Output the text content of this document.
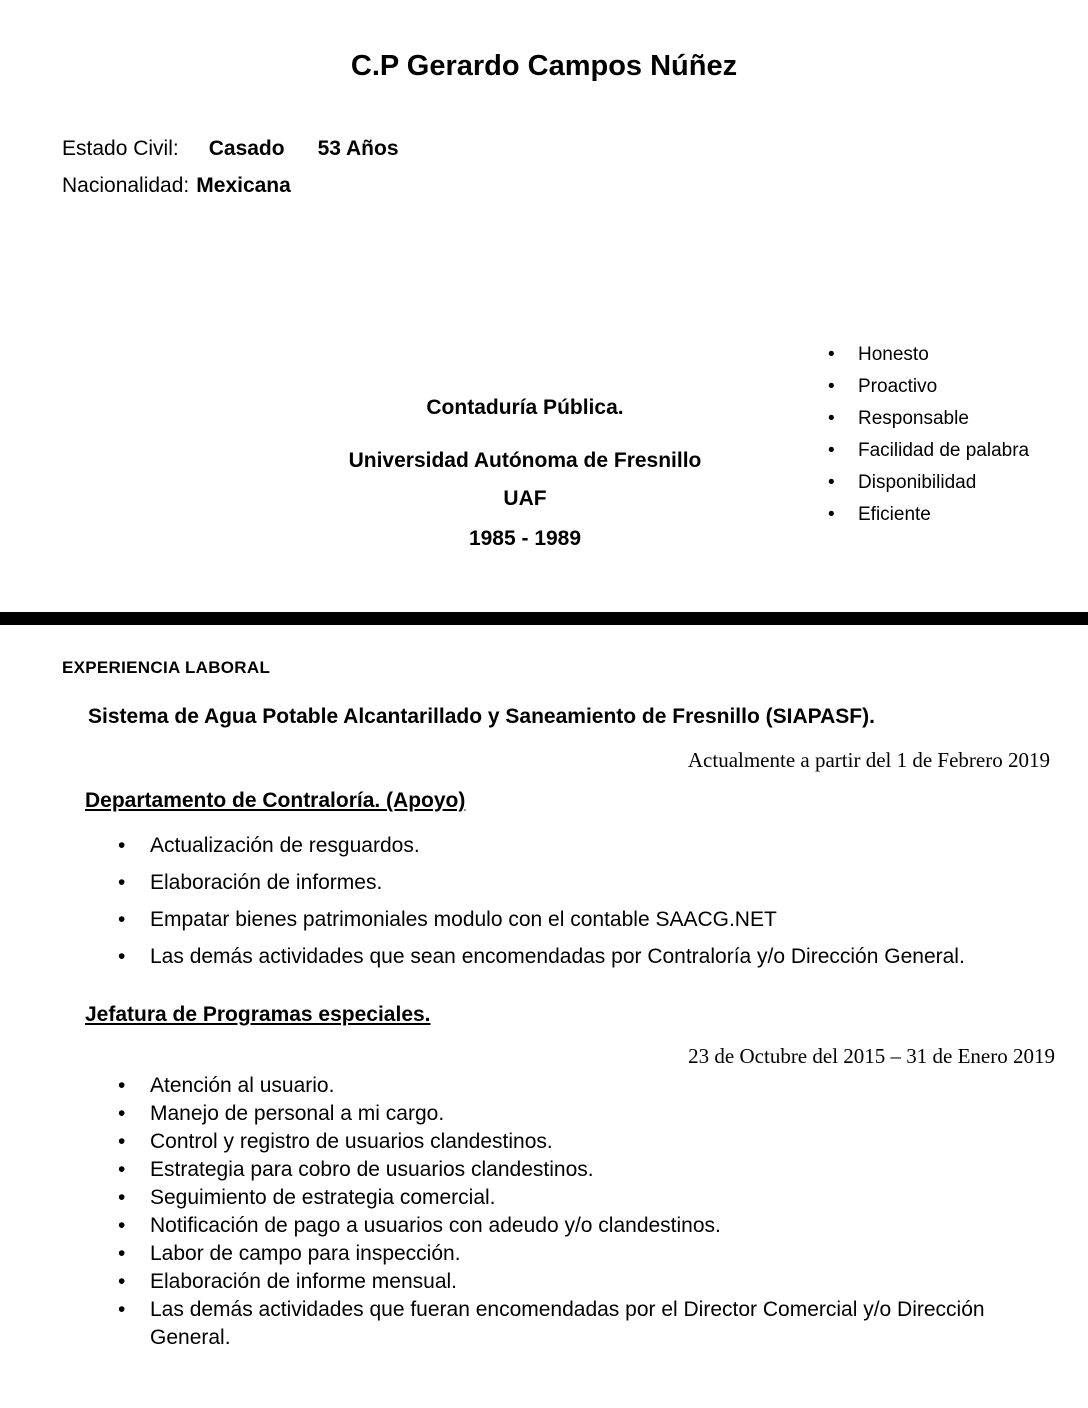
C.P Gerardo Campos Núñez
Estado Civil: Casado 53 Años
Nacionalidad: Mexicana
•
Honesto
•
Proactivo
•
Responsable
•
Facilidad de palabra
•
Disponibilidad
•
Eficiente
Contaduría Pública.
Universidad Autónoma de Fresnillo
UAF
1985 - 1989
EXPERIENCIA LABORAL
Sistema de Agua Potable Alcantarillado y Saneamiento de Fresnillo (SIAPASF).
Actualmente a partir del 1 de Febrero 2019
Departamento de Contraloría. (Apoyo)
•
Actualización de resguardos.
•
Elaboración de informes.
•
Empatar bienes patrimoniales modulo con el contable SAACG.NET
•
Las demás actividades que sean encomendadas por Contraloría y/o Dirección General.
Jefatura de Programas especiales.
23 de Octubre del 2015 – 31 de Enero 2019
•
Atención al usuario.
•
Manejo de personal a mi cargo.
•
Control y registro de usuarios clandestinos.
•
Estrategia para cobro de usuarios clandestinos.
•
Seguimiento de estrategia comercial.
•
Notificación de pago a usuarios con adeudo y/o clandestinos.
•
Labor de campo para inspección.
•
Elaboración de informe mensual.
•
Las demás actividades que fueran encomendadas por el Director Comercial y/o Dirección General.
